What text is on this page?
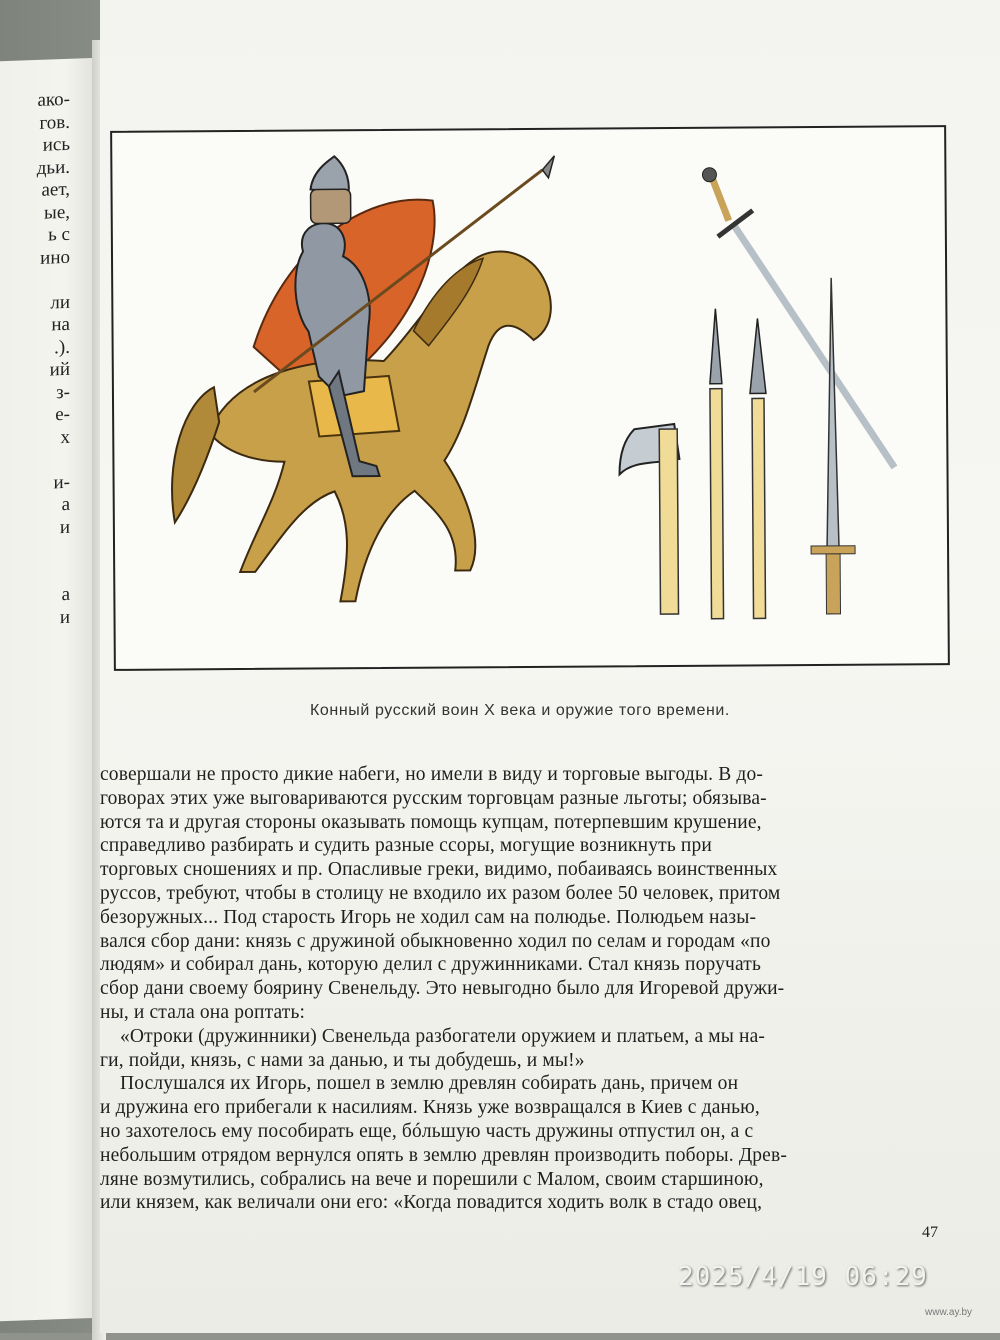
ако-
гов.
ись
дьи.
ает,
ые,
ь с
ино
ли
на
.).
ий
з-
е-
х
и-
а
и
а
и
Конный русский воин X века и оружие того времени.
совершали не просто дикие набеги, но имели в виду и торговые выгоды. В до-
говорах этих уже выговариваются русским торговцам разные льготы; обязыва-
ются та и другая стороны оказывать помощь купцам, потерпевшим крушение,
справедливо разбирать и судить разные ссоры, могущие возникнуть при
торговых сношениях и пр. Опасливые греки, видимо, побаиваясь воинственных
руссов, требуют, чтобы в столицу не входило их разом более 50 человек, притом
безоружных... Под старость Игорь не ходил сам на полюдье. Полюдьем назы-
вался сбор дани: князь с дружиной обыкновенно ходил по селам и городам «по
людям» и собирал дань, которую делил с дружинниками. Стал князь поручать
сбор дани своему боярину Свенельду. Это невыгодно было для Игоревой дружи-
ны, и стала она роптать:
«Отроки (дружинники) Свенельда разбогатели оружием и платьем, а мы на-
ги, пойди, князь, с нами за данью, и ты добудешь, и мы!»
Послушался их Игорь, пошел в землю древлян собирать дань, причем он
и дружина его прибегали к насилиям. Князь уже возвращался в Киев с данью,
но захотелось ему пособирать еще, бóльшую часть дружины отпустил он, а с
небольшим отрядом вернулся опять в землю древлян производить поборы. Древ-
ляне возмутились, собрались на вече и порешили с Малом, своим старшиною,
или князем, как величали они его: «Когда повадится ходить волк в стадо овец,
47
2025/4/19 06:29
www.ay.by
